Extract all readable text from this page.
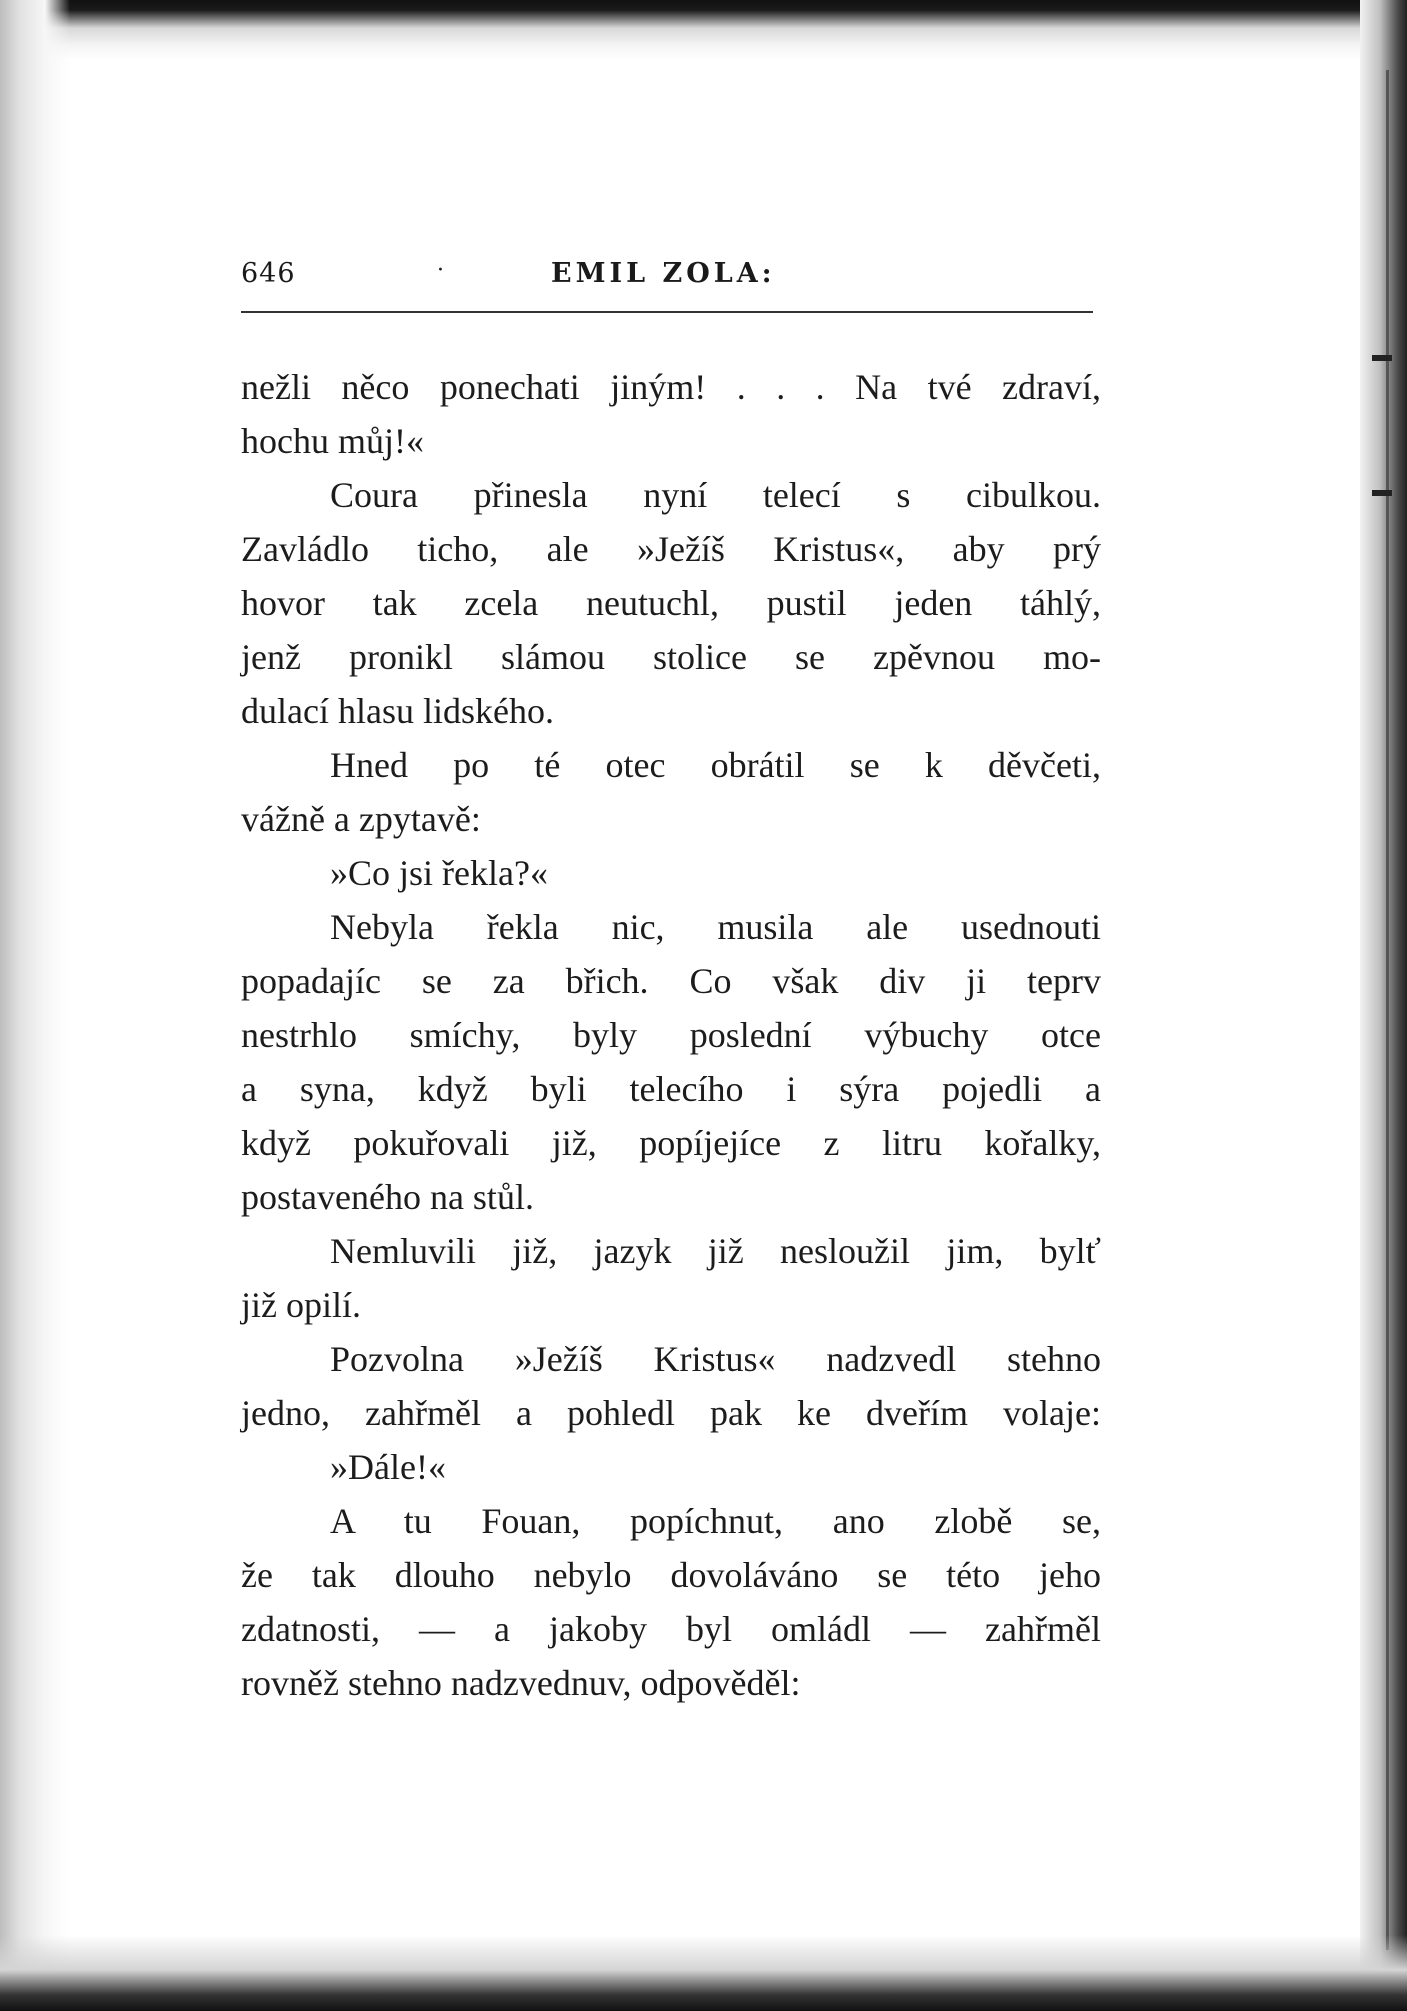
646	·	EMIL ZOLA:
nežli něco ponechati jiným! . . . Na tvé zdraví,
hochu můj!«
Coura přinesla nyní telecí s cibulkou.
Zavládlo ticho, ale »Ježíš Kristus«, aby prý
hovor tak zcela neutuchl, pustil jeden táhlý,
jenž pronikl slámou stolice se zpěvnou mo-
dulací hlasu lidského.
Hned po té otec obrátil se k děvčeti,
vážně a zpytavě:
»Co jsi řekla?«
Nebyla řekla nic, musila ale usednouti
popadajíc se za břich. Co však div ji teprv
nestrhlo smíchy, byly poslední výbuchy otce
a syna, když byli telecího i sýra pojedli a
když pokuřovali již, popíjejíce z litru kořalky,
postaveného na stůl.
Nemluvili již, jazyk již nesloužil jim, bylť
již opilí.
Pozvolna »Ježíš Kristus« nadzvedl stehno
jedno, zahřměl a pohledl pak ke dveřím volaje:
»Dále!«
A tu Fouan, popíchnut, ano zlobě se,
že tak dlouho nebylo dovoláváno se této jeho
zdatnosti, — a jakoby byl omládl — zahřměl
rovněž stehno nadzvednuv, odpověděl:
